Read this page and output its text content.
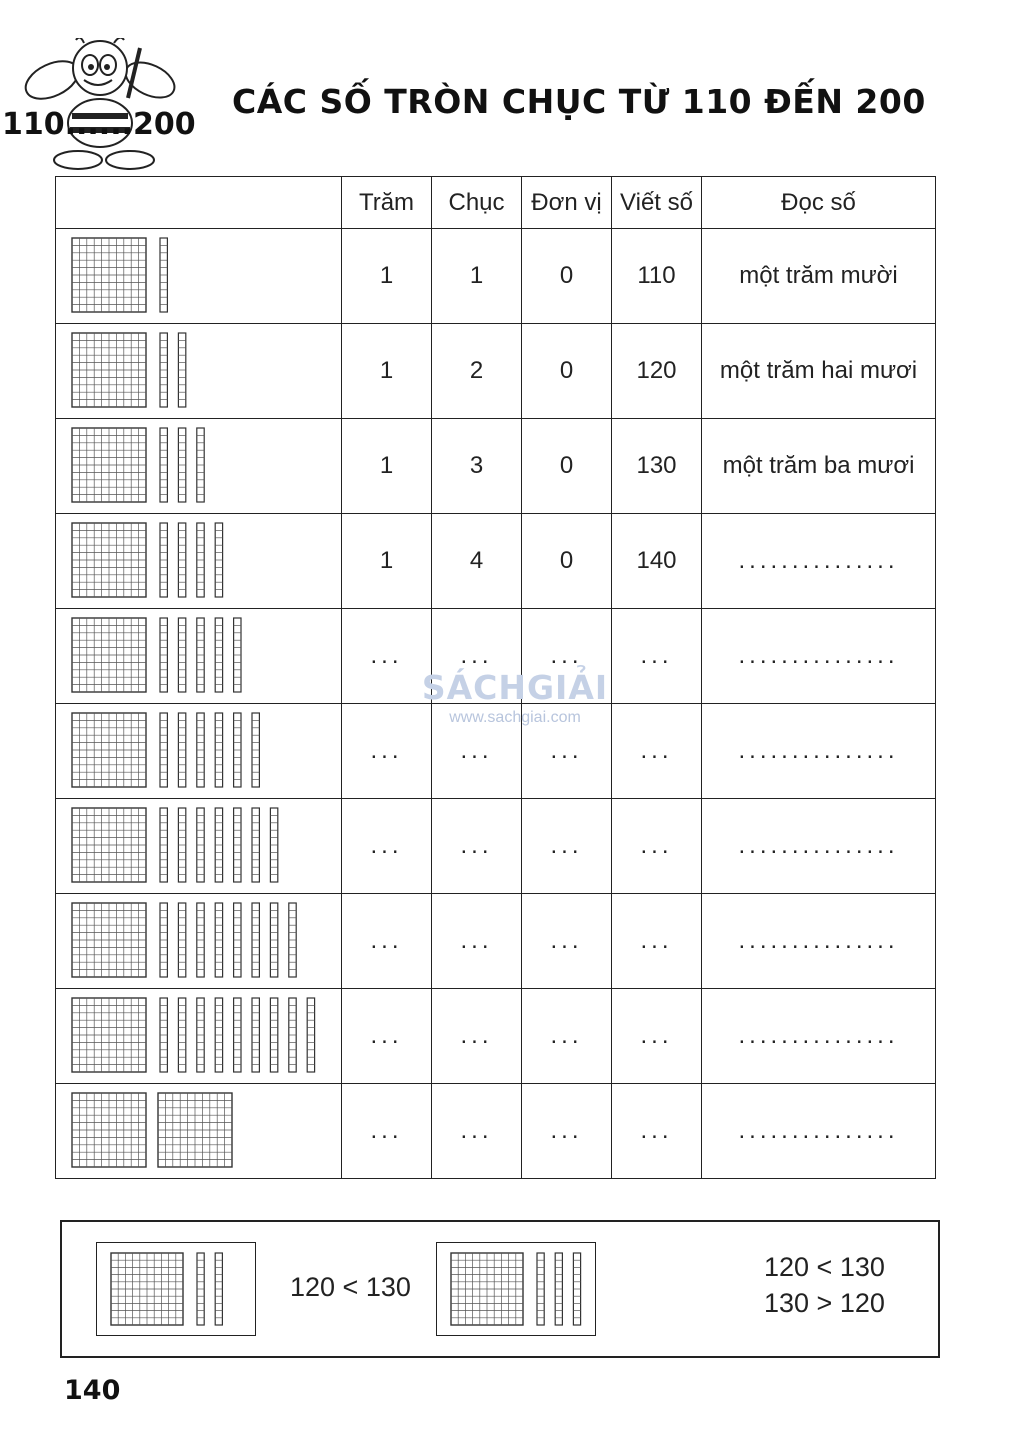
110......200
CÁC SỐ TRÒN CHỤC TỪ 110 ĐẾN 200
	Trăm	Chục	Đơn vị	Viết số	Đọc số

	1	1	0	110	một trăm mười

	1	2	0	120	một trăm hai mươi

	1	3	0	130	một trăm ba mươi

	1	4	0	140	...............

	...	...	...	...	...............

	...	...	...	...	...............

	...	...	...	...	...............

	...	...	...	...	...............

	...	...	...	...	...............

	...	...	...	...	...............
SÁCHGIẢI
www.sachgiai.com
120 < 130
120 < 130
130 > 120
140
